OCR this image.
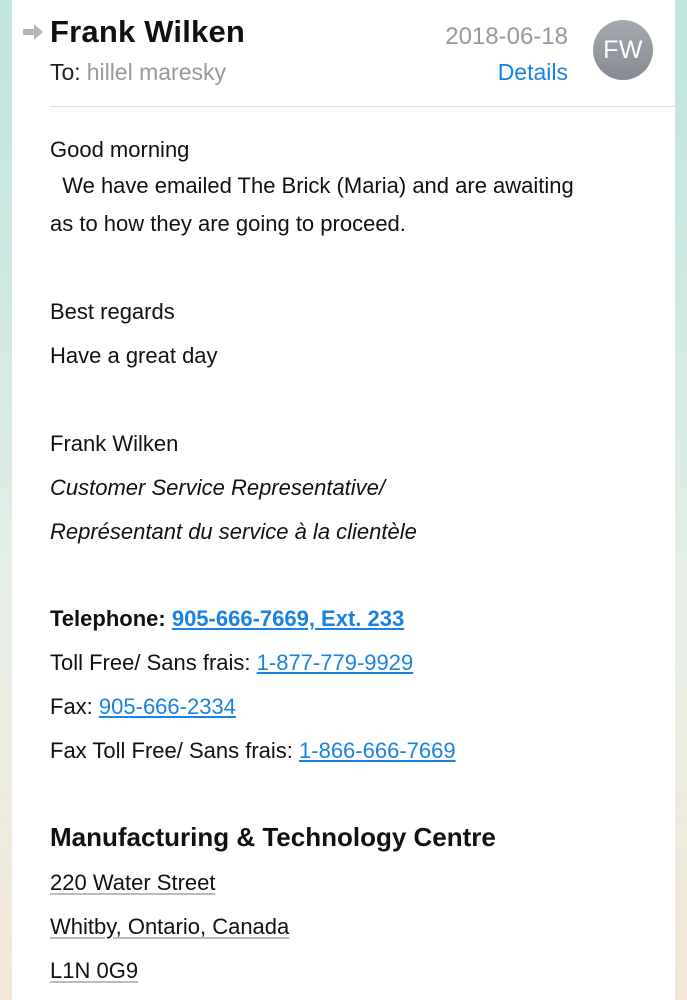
Frank Wilken
To: hillel maresky
2018-06-18
Details
FW
Good morning
We have emailed The Brick (Maria) and are awaiting
as to how they are going to proceed.
Best regards
Have a great day
Frank Wilken
Customer Service Representative/
Représentant du service à la clientèle
Telephone: 905-666-7669, Ext. 233
Toll Free/ Sans frais: 1-877-779-9929
Fax: 905-666-2334
Fax Toll Free/ Sans frais: 1-866-666-7669
Manufacturing & Technology Centre
220 Water Street
Whitby, Ontario, Canada
L1N 0G9
